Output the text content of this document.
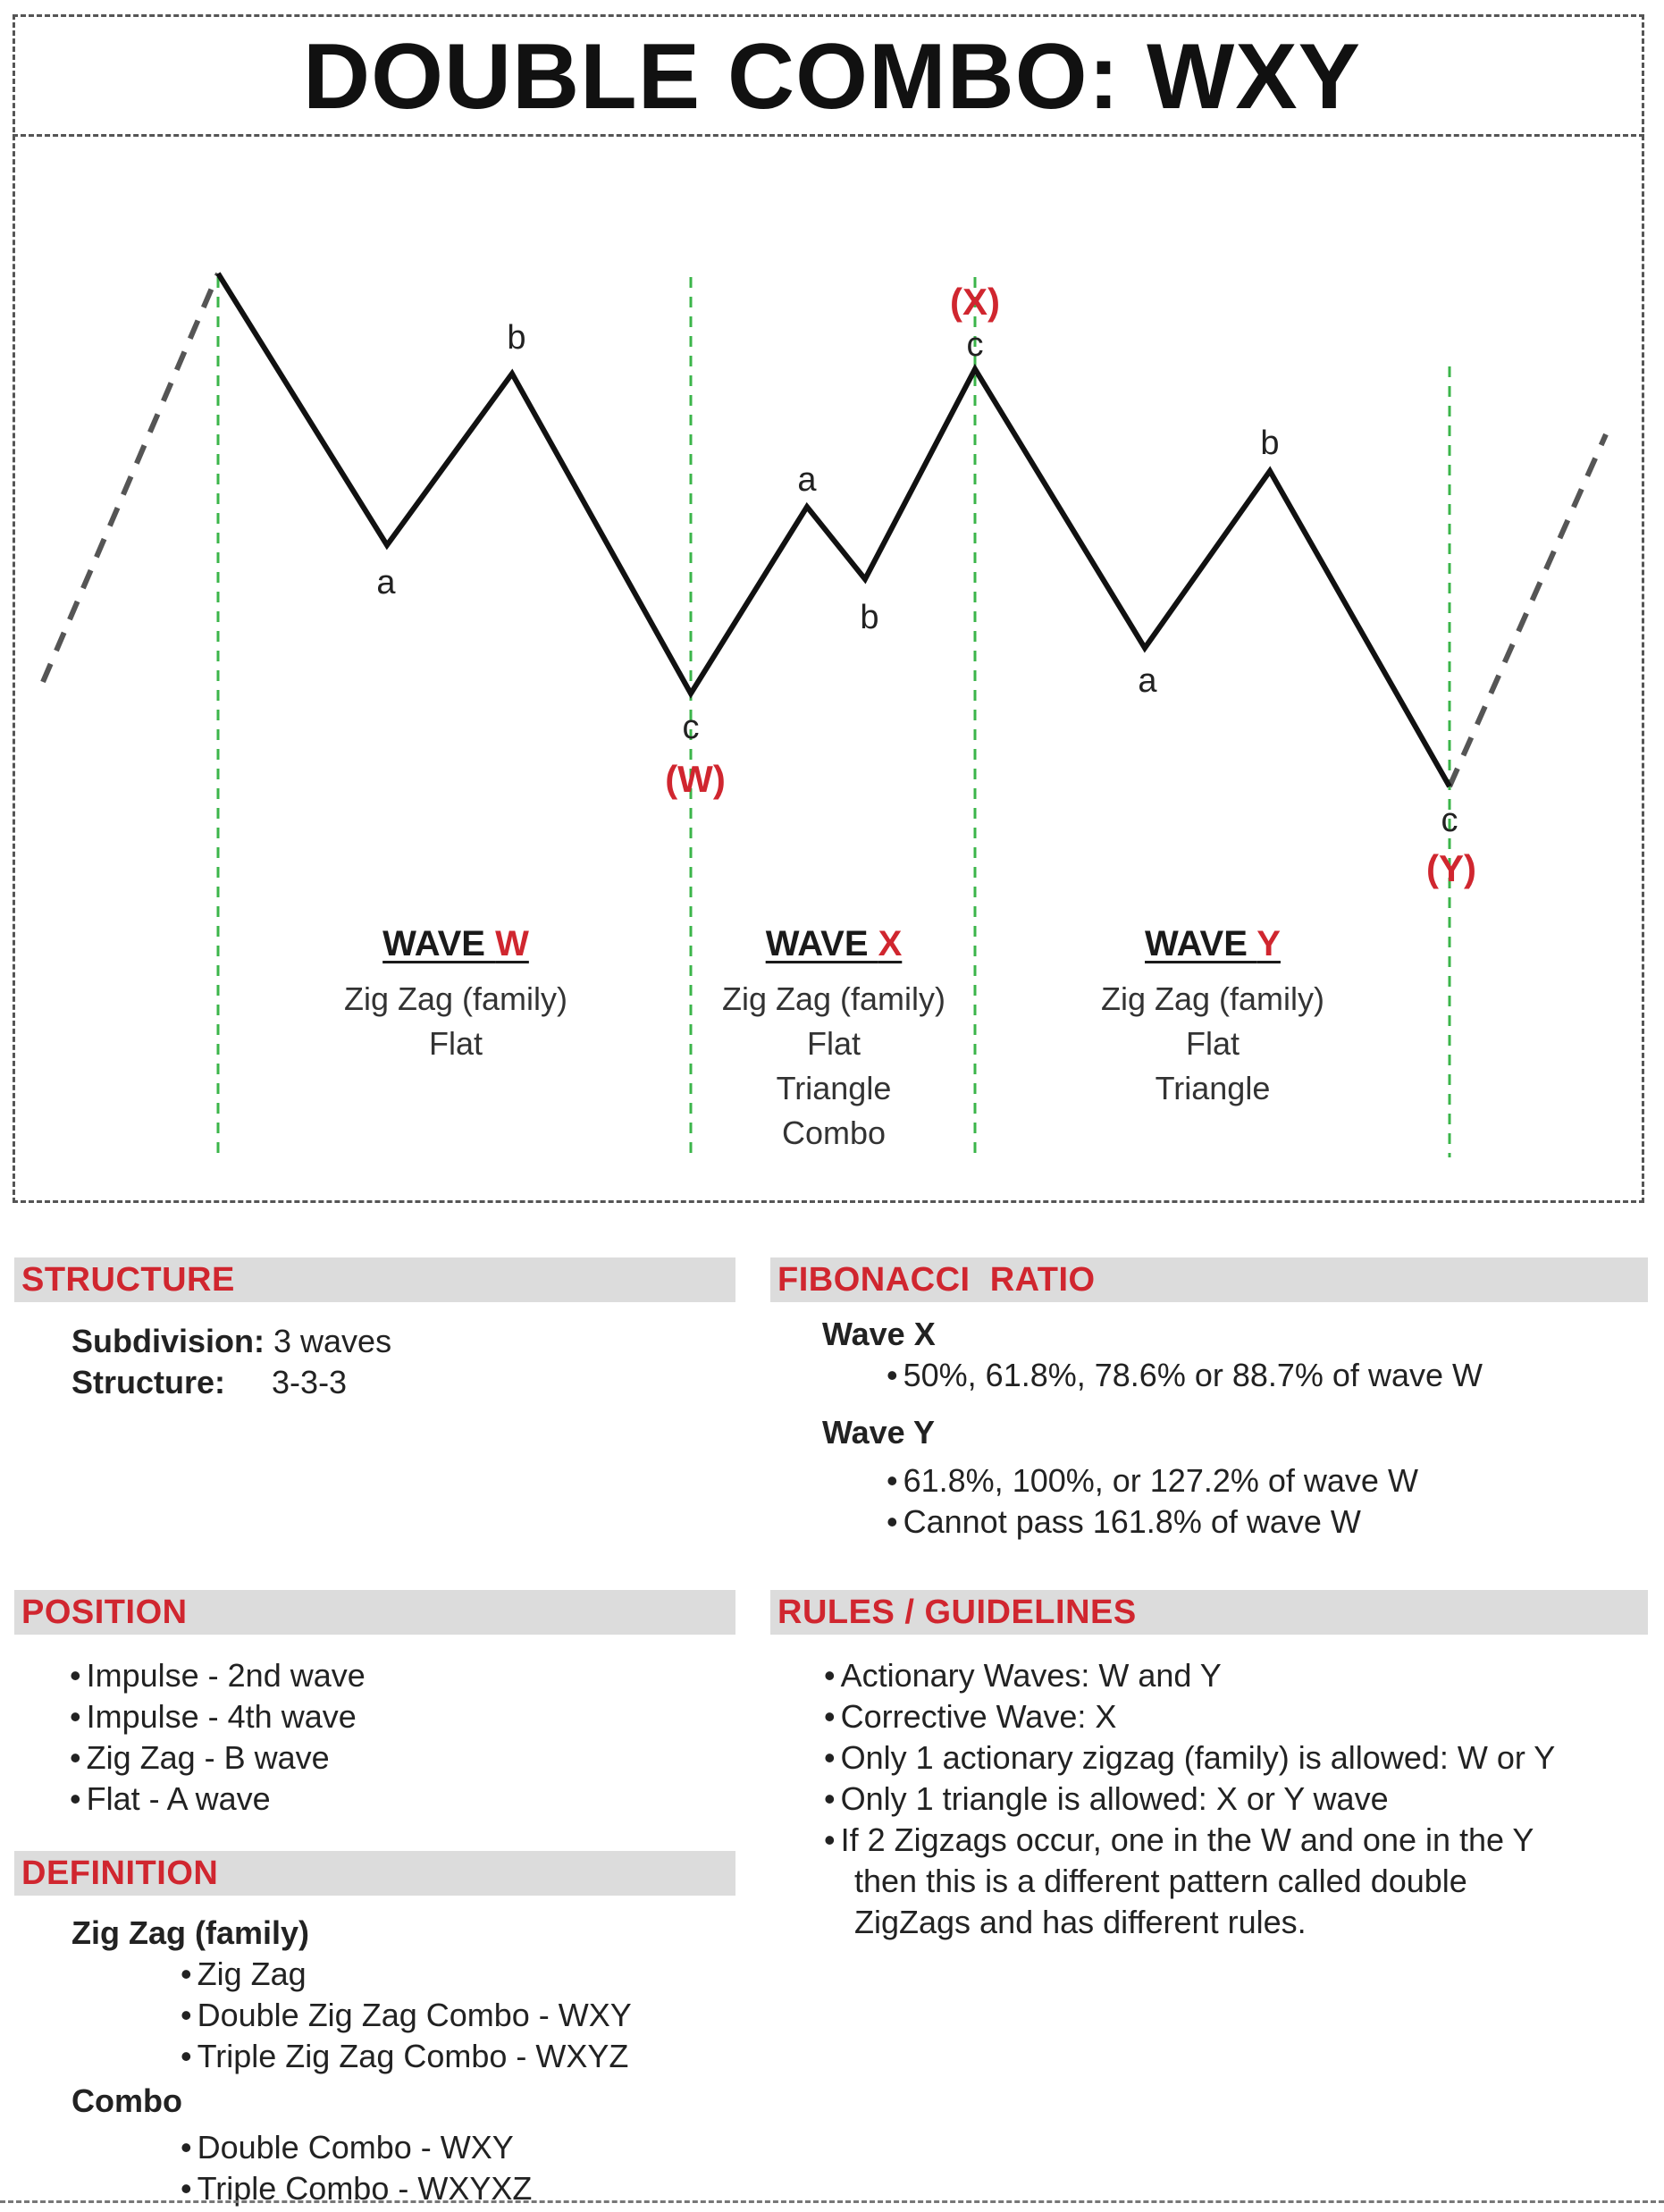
DOUBLE COMBO: WXY
a
b
c
a
b
c
a
b
c
(W)
(X)
(Y)
WAVE W
Zig Zag (family)
Flat
WAVE X
Zig Zag (family)
Flat
Triangle
Combo
WAVE Y
Zig Zag (family)
Flat
Triangle
STRUCTURE
Subdivision: 3 waves
Structure: 3-3-3
FIBONACCI  RATIO
Wave X
• 50%, 61.8%, 78.6% or 88.7% of wave W
Wave Y
• 61.8%, 100%, or 127.2% of wave W
• Cannot pass 161.8% of wave W
POSITION
• Impulse - 2nd wave
• Impulse - 4th wave
• Zig Zag - B wave
• Flat - A wave
RULES / GUIDELINES
• Actionary Waves: W and Y
• Corrective Wave: X
• Only 1 actionary zigzag (family) is allowed: W or Y
• Only 1 triangle is allowed: X or Y wave
• If 2 Zigzags occur, one in the W and one in the Y
then this is a different pattern called double
ZigZags and has different rules.
DEFINITION
Zig Zag (family)
• Zig Zag
• Double Zig Zag Combo - WXY
• Triple Zig Zag Combo - WXYZ
Combo
• Double Combo - WXY
• Triple Combo - WXYXZ
